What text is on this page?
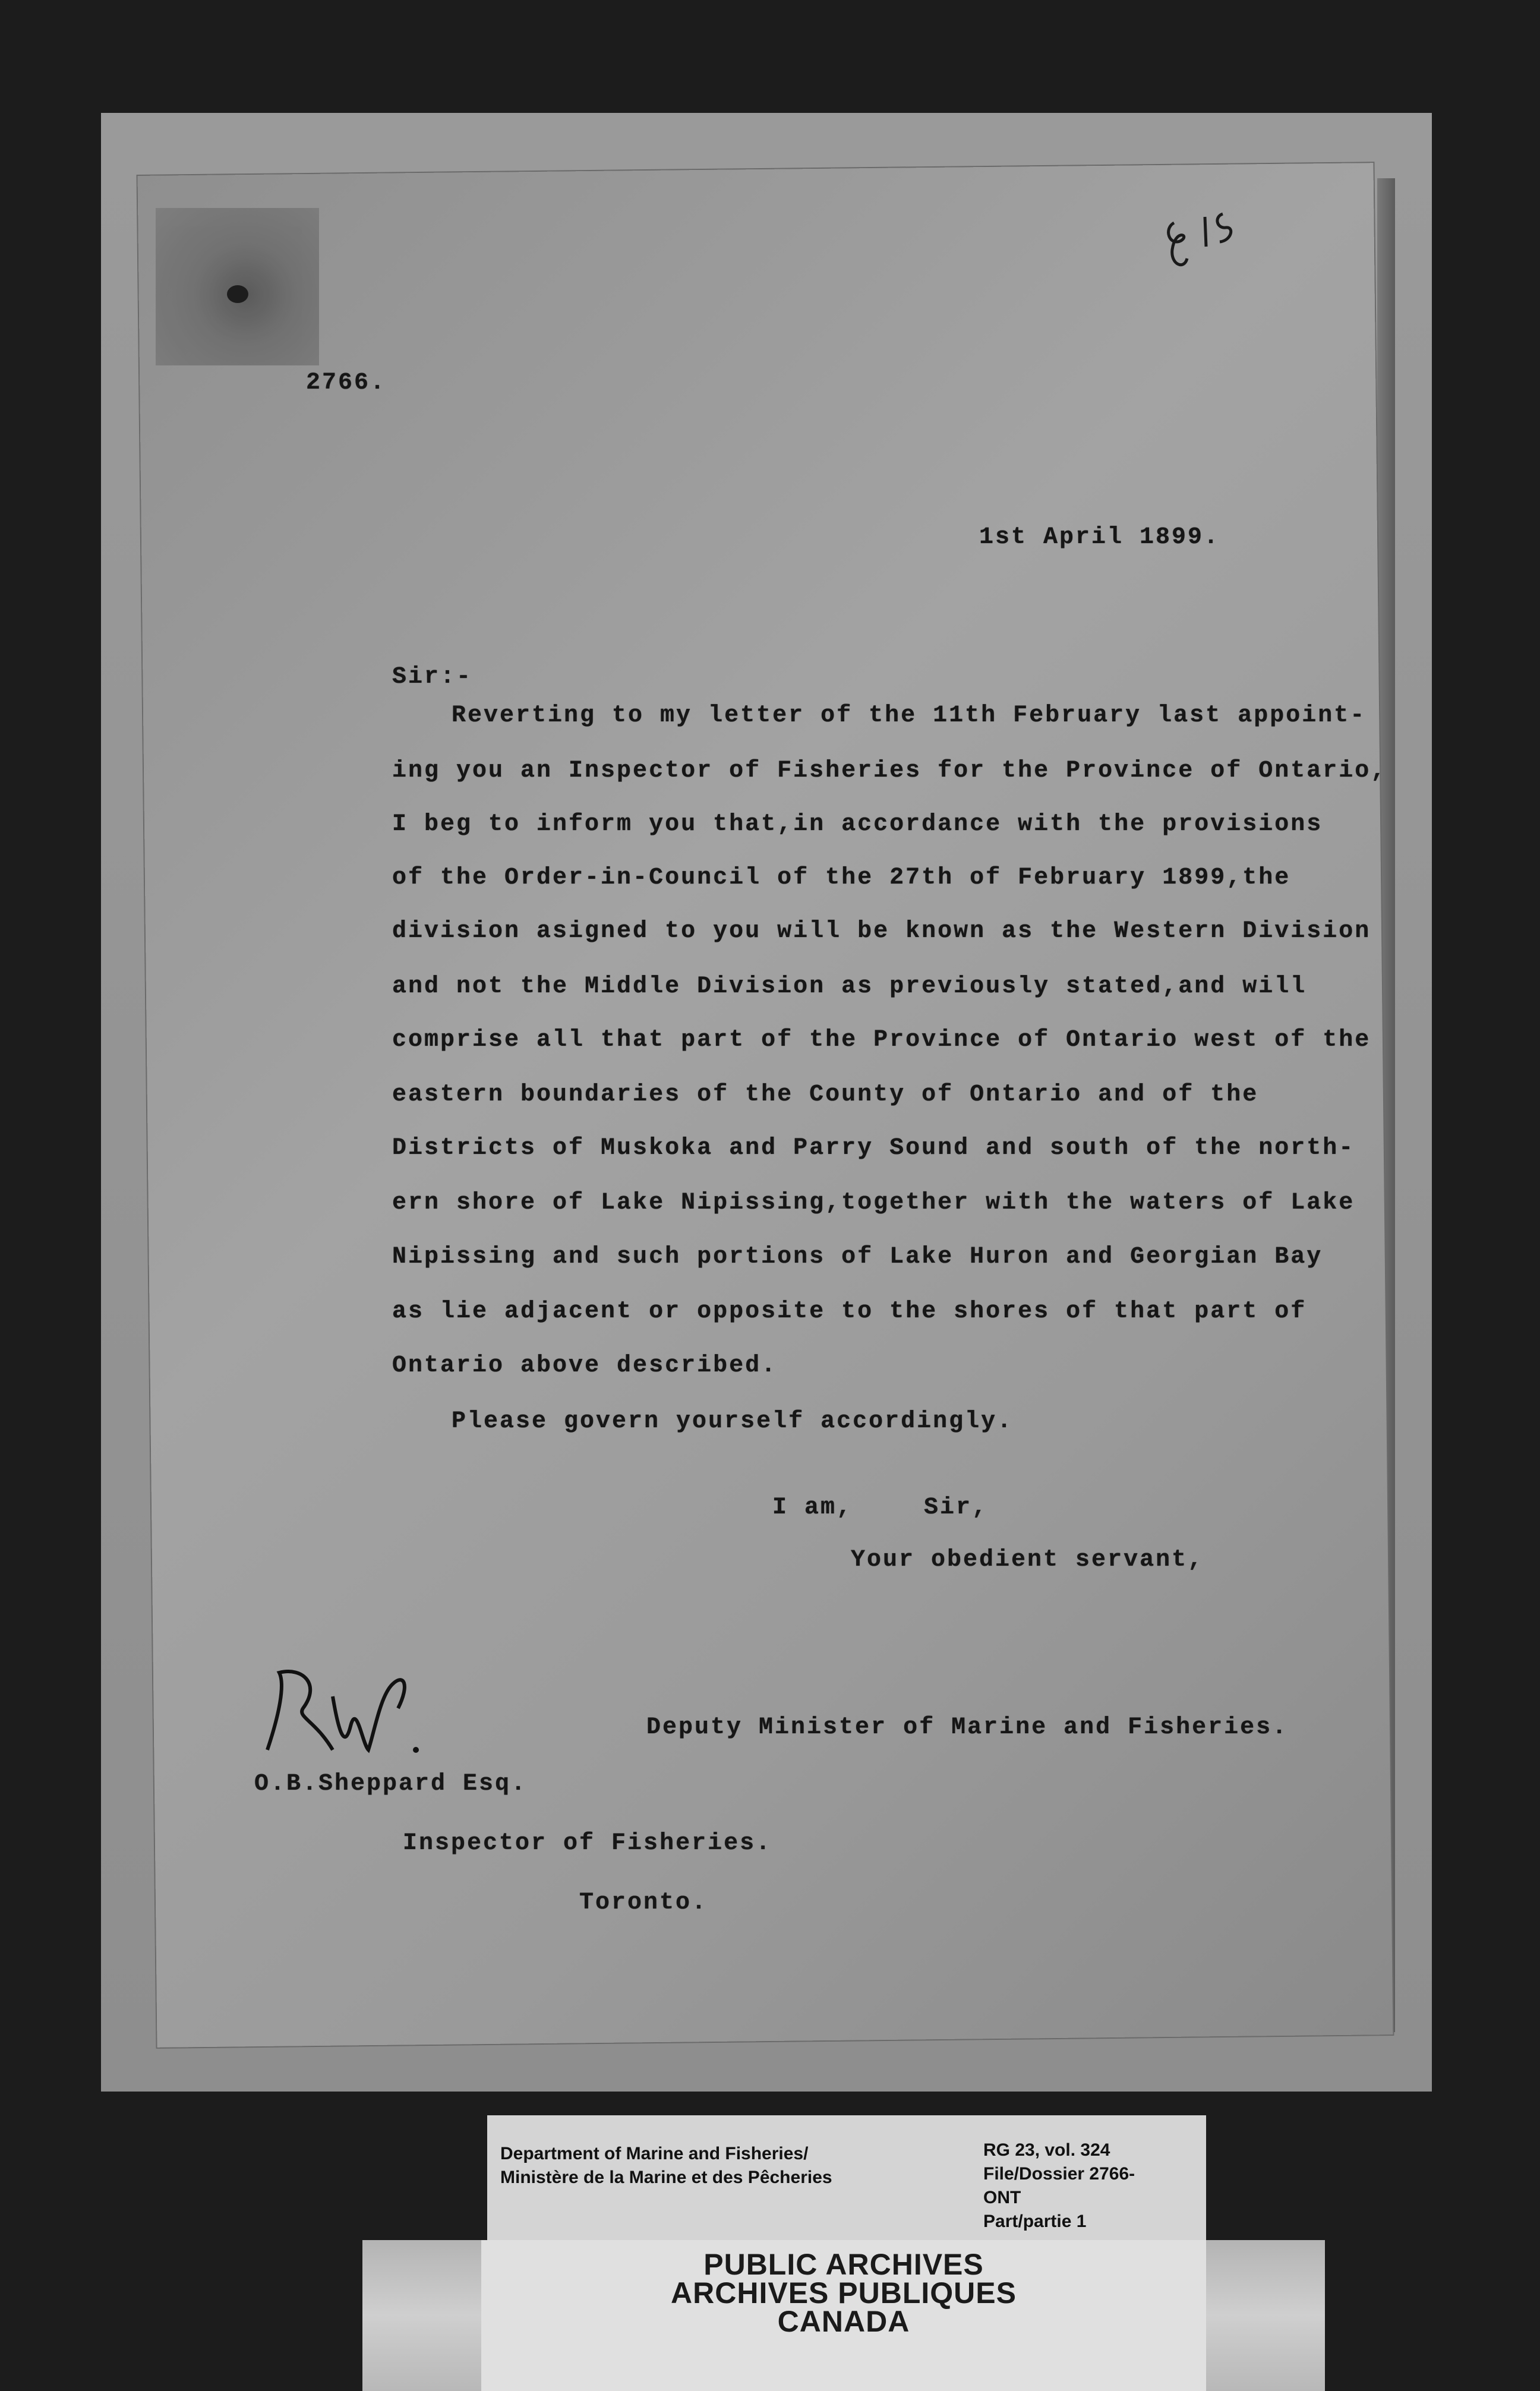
2766.
1st April 1899.
Sir:-
Reverting to my letter of the 11th February last appoint-
ing you an Inspector of Fisheries for the Province of Ontario,
I beg to inform you that,in accordance with the provisions
of the Order-in-Council of the 27th of February 1899,the
division asigned to you will be known as the Western Division
and not the Middle Division as previously stated,and will
comprise all that part of the Province of Ontario west of the
eastern boundaries of the County of Ontario and of the
Districts of Muskoka and Parry Sound and south of the north-
ern shore of Lake Nipissing,together with the waters of Lake
Nipissing and such portions of Lake Huron and Georgian Bay
as lie adjacent or opposite to the shores of that part of
Ontario above described.
Please govern yourself accordingly.
I am,	Sir,
Your obedient servant,
Deputy Minister of Marine and Fisheries.
O.B.Sheppard Esq.
Inspector of Fisheries.
Toronto.
Department of Marine and Fisheries/
Ministère de la Marine et des Pêcheries
RG 23, vol. 324
File/Dossier 2766-
ONT
Part/partie 1
PUBLIC ARCHIVES
ARCHIVES PUBLIQUES
CANADA
